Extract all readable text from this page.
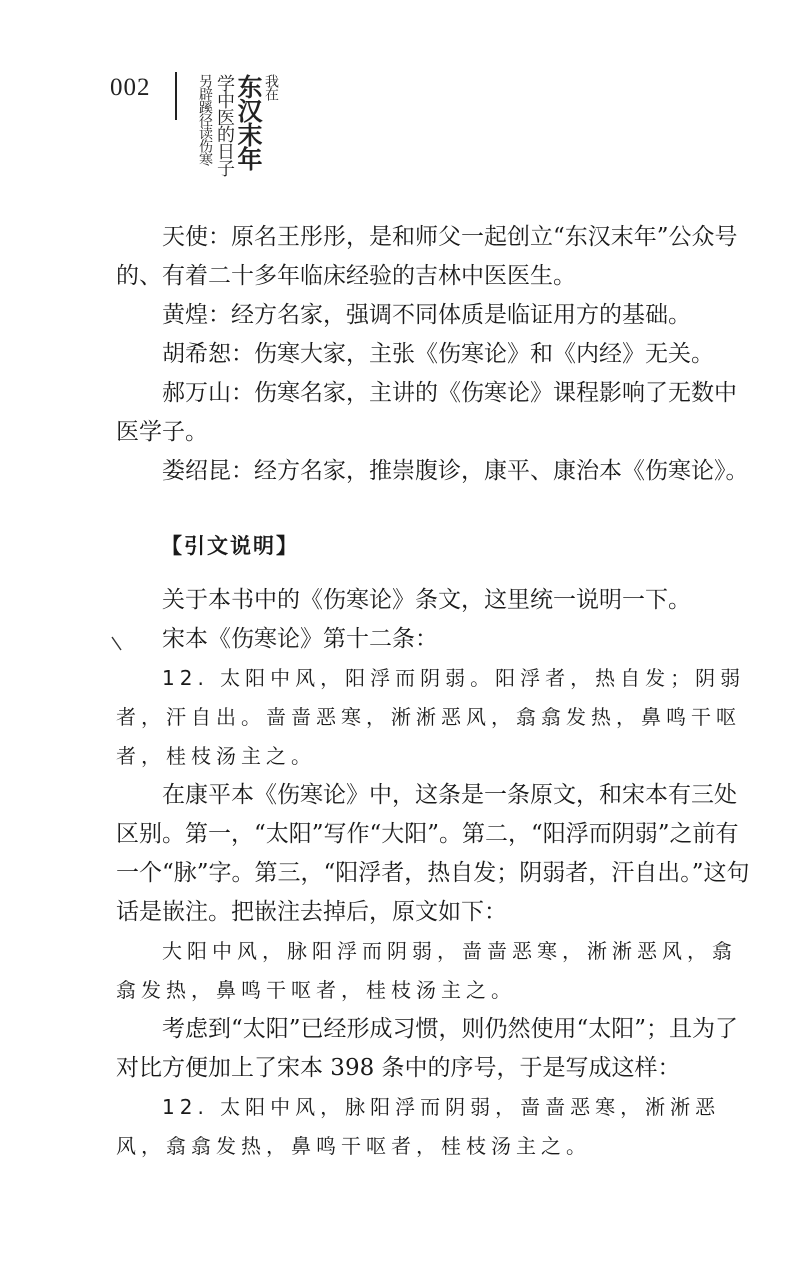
002	我在
东汉末年
学中医的日子
另辟蹊径读伤寒

天使：原名王彤彤，是和师父一起创立“东汉末年”公众号的、有着二十多年临床经验的吉林中医医生。

黄煌：经方名家，强调不同体质是临证用方的基础。

胡希恕：伤寒大家，主张《伤寒论》和《内经》无关。

郝万山：伤寒名家，主讲的《伤寒论》课程影响了无数中医学子。

娄绍昆：经方名家，推崇腹诊，康平、康治本《伤寒论》。

【引文说明】

关于本书中的《伤寒论》条文，这里统一说明一下。

宋本《伤寒论》第十二条：

12. 太阳中风，阳浮而阴弱。阳浮者，热自发；阴弱者，汗自出。啬啬恶寒，淅淅恶风，翕翕发热，鼻鸣干呕者，桂枝汤主之。

在康平本《伤寒论》中，这条是一条原文，和宋本有三处区别。第一，“太阳”写作“大阳”。第二，“阳浮而阴弱”之前有一个“脉”字。第三，“阳浮者，热自发；阴弱者，汗自出。”这句话是嵌注。把嵌注去掉后，原文如下：

大阳中风，脉阳浮而阴弱，啬啬恶寒，淅淅恶风，翕翕发热，鼻鸣干呕者，桂枝汤主之。

考虑到“太阳”已经形成习惯，则仍然使用“太阳”；且为了对比方便加上了宋本 398 条中的序号，于是写成这样：

12. 太阳中风，脉阳浮而阴弱，啬啬恶寒，淅淅恶风，翕翕发热，鼻鸣干呕者，桂枝汤主之。
